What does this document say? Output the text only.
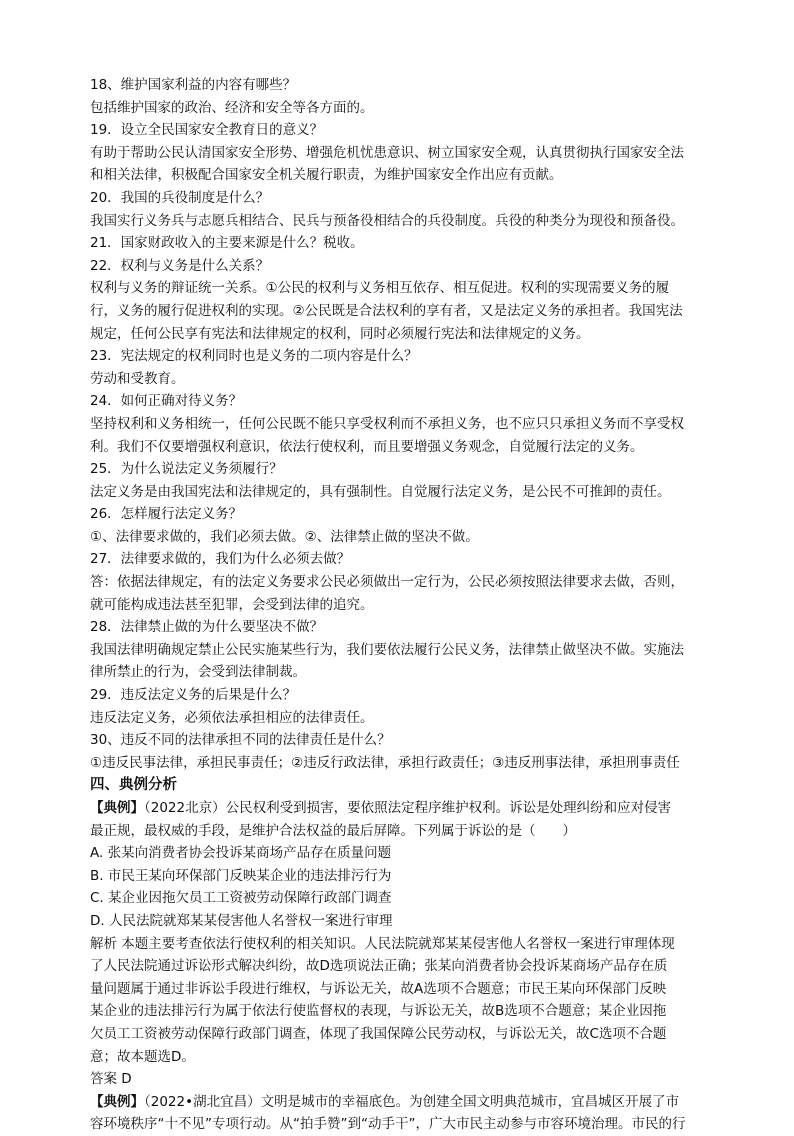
18、维护国家利益的内容有哪些？
包括维护国家的政治、经济和安全等各方面的。
19．设立全民国家安全教育日的意义？
有助于帮助公民认清国家安全形势、增强危机忧患意识、树立国家安全观，认真贯彻执行国家安全法
和相关法律，积极配合国家安全机关履行职责，为维护国家安全作出应有贡献。
20．我国的兵役制度是什么？
我国实行义务兵与志愿兵相结合、民兵与预备役相结合的兵役制度。兵役的种类分为现役和预备役。
21．国家财政收入的主要来源是什么？税收。
22．权利与义务是什么关系？
权利与义务的辩证统一关系。①公民的权利与义务相互依存、相互促进。权利的实现需要义务的履
行，义务的履行促进权利的实现。②公民既是合法权利的享有者，又是法定义务的承担者。我国宪法
规定，任何公民享有宪法和法律规定的权利，同时必须履行宪法和法律规定的义务。
23．宪法规定的权利同时也是义务的二项内容是什么？
劳动和受教育。
24．如何正确对待义务？
坚持权利和义务相统一，任何公民既不能只享受权利而不承担义务，也不应只只承担义务而不享受权
利。我们不仅要增强权利意识，依法行使权利，而且要增强义务观念，自觉履行法定的义务。
25．为什么说法定义务须履行？
法定义务是由我国宪法和法律规定的，具有强制性。自觉履行法定义务，是公民不可推卸的责任。
26．怎样履行法定义务？
①、法律要求做的，我们必须去做。②、法律禁止做的坚决不做。
27．法律要求做的，我们为什么必须去做？
答：依据法律规定，有的法定义务要求公民必须做出一定行为，公民必须按照法律要求去做，否则，
就可能构成违法甚至犯罪，会受到法律的追究。
28．法律禁止做的为什么要坚决不做？
我国法律明确规定禁止公民实施某些行为，我们要依法履行公民义务，法律禁止做坚决不做。实施法
律所禁止的行为，会受到法律制裁。
29．违反法定义务的后果是什么？
违反法定义务，必须依法承担相应的法律责任。
30、违反不同的法律承担不同的法律责任是什么？
①违反民事法律，承担民事责任；②违反行政法律，承担行政责任；③违反刑事法律，承担刑事责任
四、典例分析
【典例】（2022北京）公民权利受到损害，要依照法定程序维护权利。诉讼是处理纠纷和应对侵害
最正规，最权威的手段，是维护合法权益的最后屏障。下列属于诉讼的是（　　）
A. 张某向消费者协会投诉某商场产品存在质量问题
B. 市民王某向环保部门反映某企业的违法排污行为
C. 某企业因拖欠员工工资被劳动保障行政部门调查
D. 人民法院就郑某某侵害他人名誉权一案进行审理
解析 本题主要考查依法行使权利的相关知识。人民法院就郑某某侵害他人名誉权一案进行审理体现
了人民法院通过诉讼形式解决纠纷，故D选项说法正确；张某向消费者协会投诉某商场产品存在质
量问题属于通过非诉讼手段进行维权，与诉讼无关，故A选项不合题意；市民王某向环保部门反映
某企业的违法排污行为属于依法行使监督权的表现，与诉讼无关，故B选项不合题意；某企业因拖
欠员工工资被劳动保障行政部门调查，体现了我国保障公民劳动权，与诉讼无关，故C选项不合题
意；故本题选D。
答案 D
【典例】（2022•湖北宜昌）文明是城市的幸福底色。为创建全国文明典范城市，宜昌城区开展了市
容环境秩序“十不见”专项行动。从“拍手赞”到“动手干”，广大市民主动参与市容环境治理。市民的行
